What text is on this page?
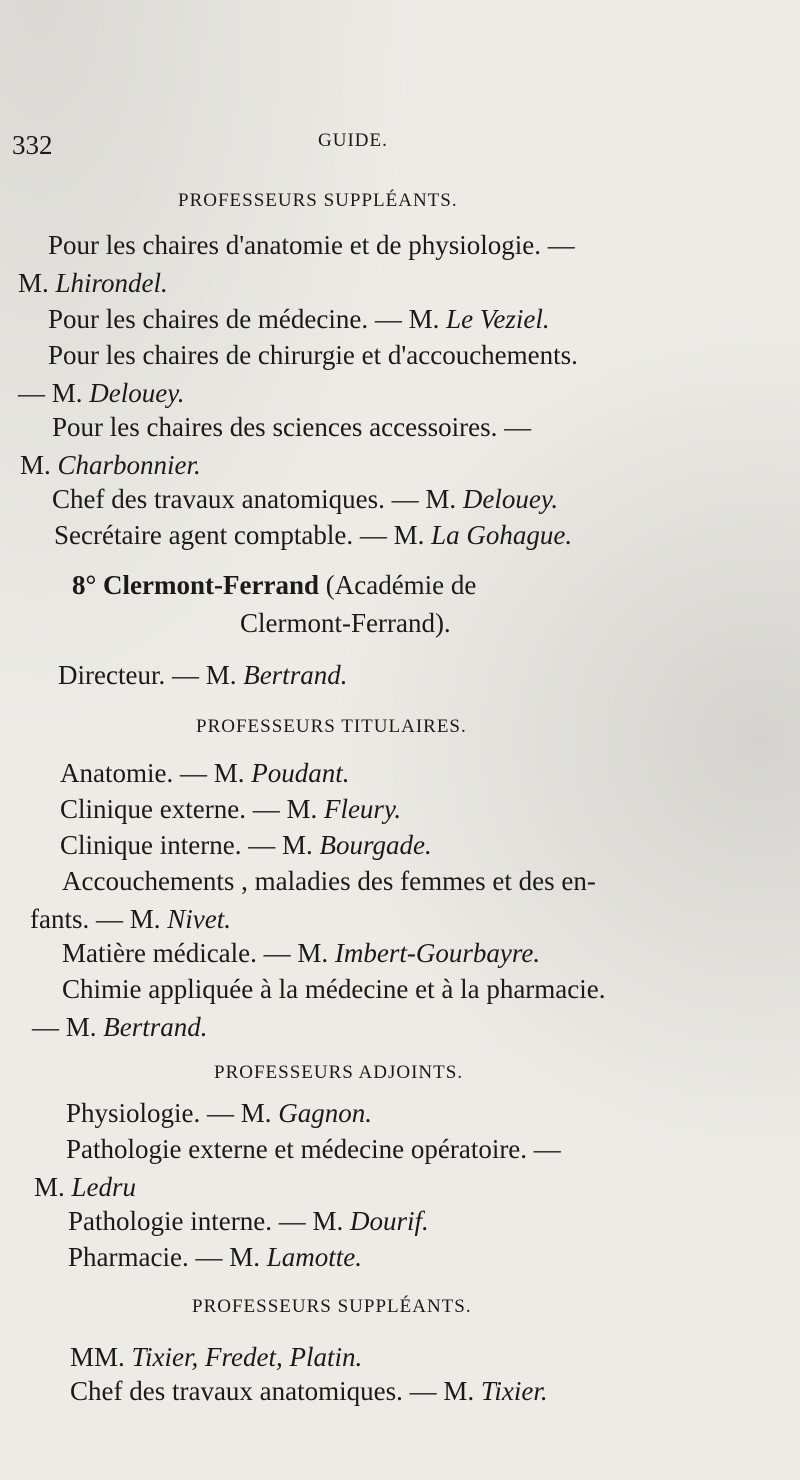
332	GUIDE.
PROFESSEURS SUPPLÉANTS.
Pour les chaires d'anatomie et de physiologie. —
M. Lhirondel.
Pour les chaires de médecine. — M. Le Veziel.
Pour les chaires de chirurgie et d'accouchements.
— M. Delouey.
Pour les chaires des sciences accessoires. —
M. Charbonnier.
Chef des travaux anatomiques. — M. Delouey.
Secrétaire agent comptable. — M. La Gohague.
8° Clermont-Ferrand (Académie de
Clermont-Ferrand).
Directeur. — M. Bertrand.
PROFESSEURS TITULAIRES.
Anatomie. — M. Poudant.
Clinique externe. — M. Fleury.
Clinique interne. — M. Bourgade.
Accouchements , maladies des femmes et des en-
fants. — M. Nivet.
Matière médicale. — M. Imbert-Gourbayre.
Chimie appliquée à la médecine et à la pharmacie.
— M. Bertrand.
PROFESSEURS ADJOINTS.
Physiologie. — M. Gagnon.
Pathologie externe et médecine opératoire. —
M. Ledru
Pathologie interne. — M. Dourif.
Pharmacie. — M. Lamotte.
PROFESSEURS SUPPLÉANTS.
MM. Tixier, Fredet, Platin.
Chef des travaux anatomiques. — M. Tixier.
